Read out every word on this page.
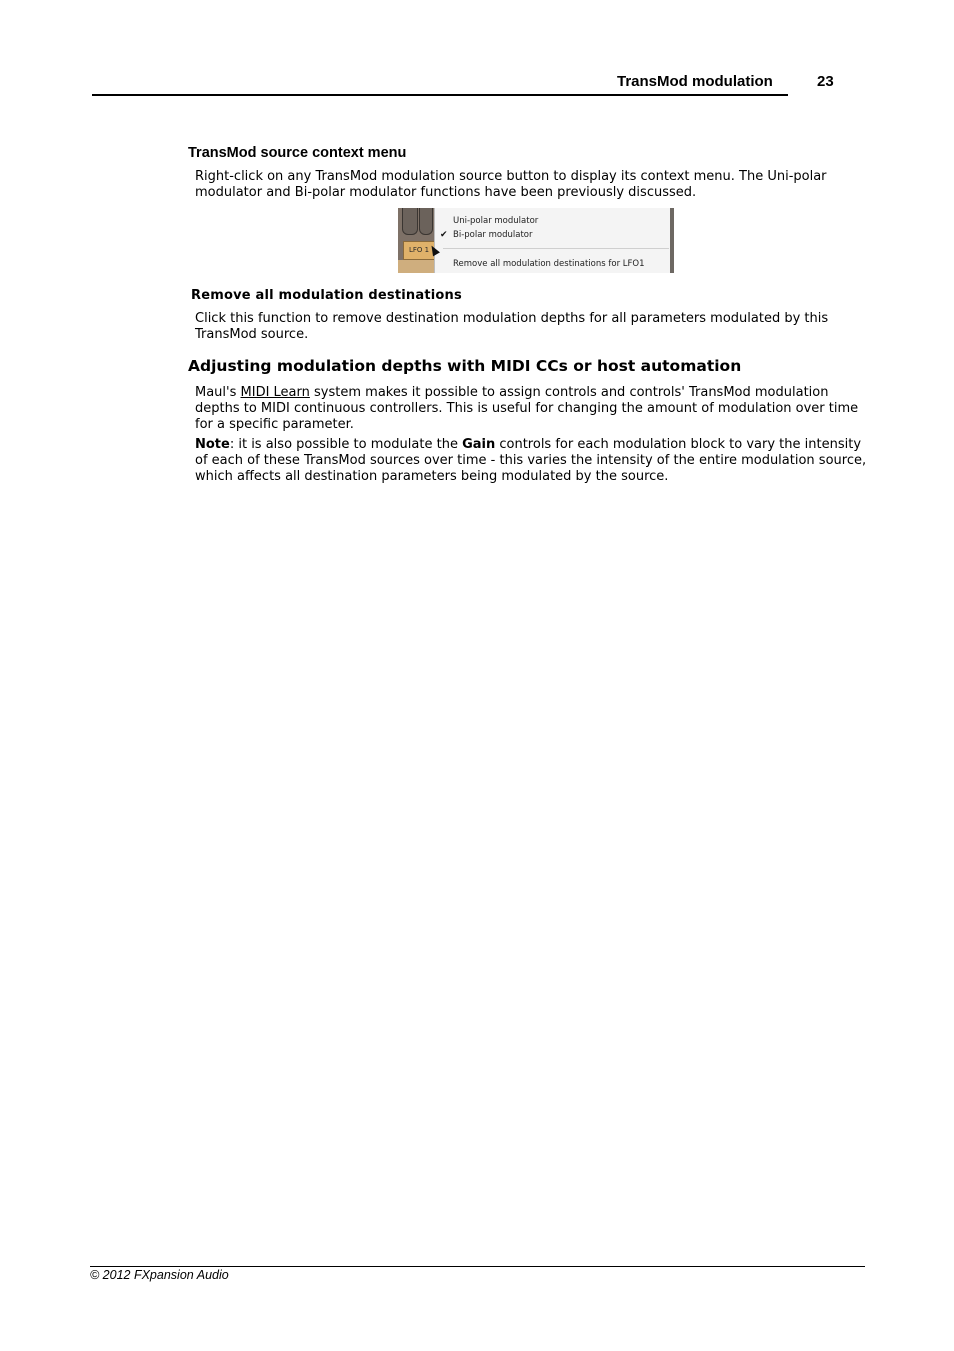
TransMod modulation	23
TransMod source context menu

Right-click on any TransMod modulation source button to display its context menu. The Uni-polar modulator and Bi-polar modulator functions have been previously discussed.

LFO 1
Uni-polar modulator
✔ Bi-polar modulator
Remove all modulation destinations for LFO1
Remove all modulation destinations

Click this function to remove destination modulation depths for all parameters modulated by this TransMod source.

Adjusting modulation depths with MIDI CCs or host automation

Maul's MIDI Learn system makes it possible to assign controls and controls' TransMod modulation depths to MIDI continuous controllers. This is useful for changing the amount of modulation over time for a specific parameter.

Note: it is also possible to modulate the Gain controls for each modulation block to vary the intensity of each of these TransMod sources over time - this varies the intensity of the entire modulation source, which affects all destination parameters being modulated by the source.

© 2012 FXpansion Audio
